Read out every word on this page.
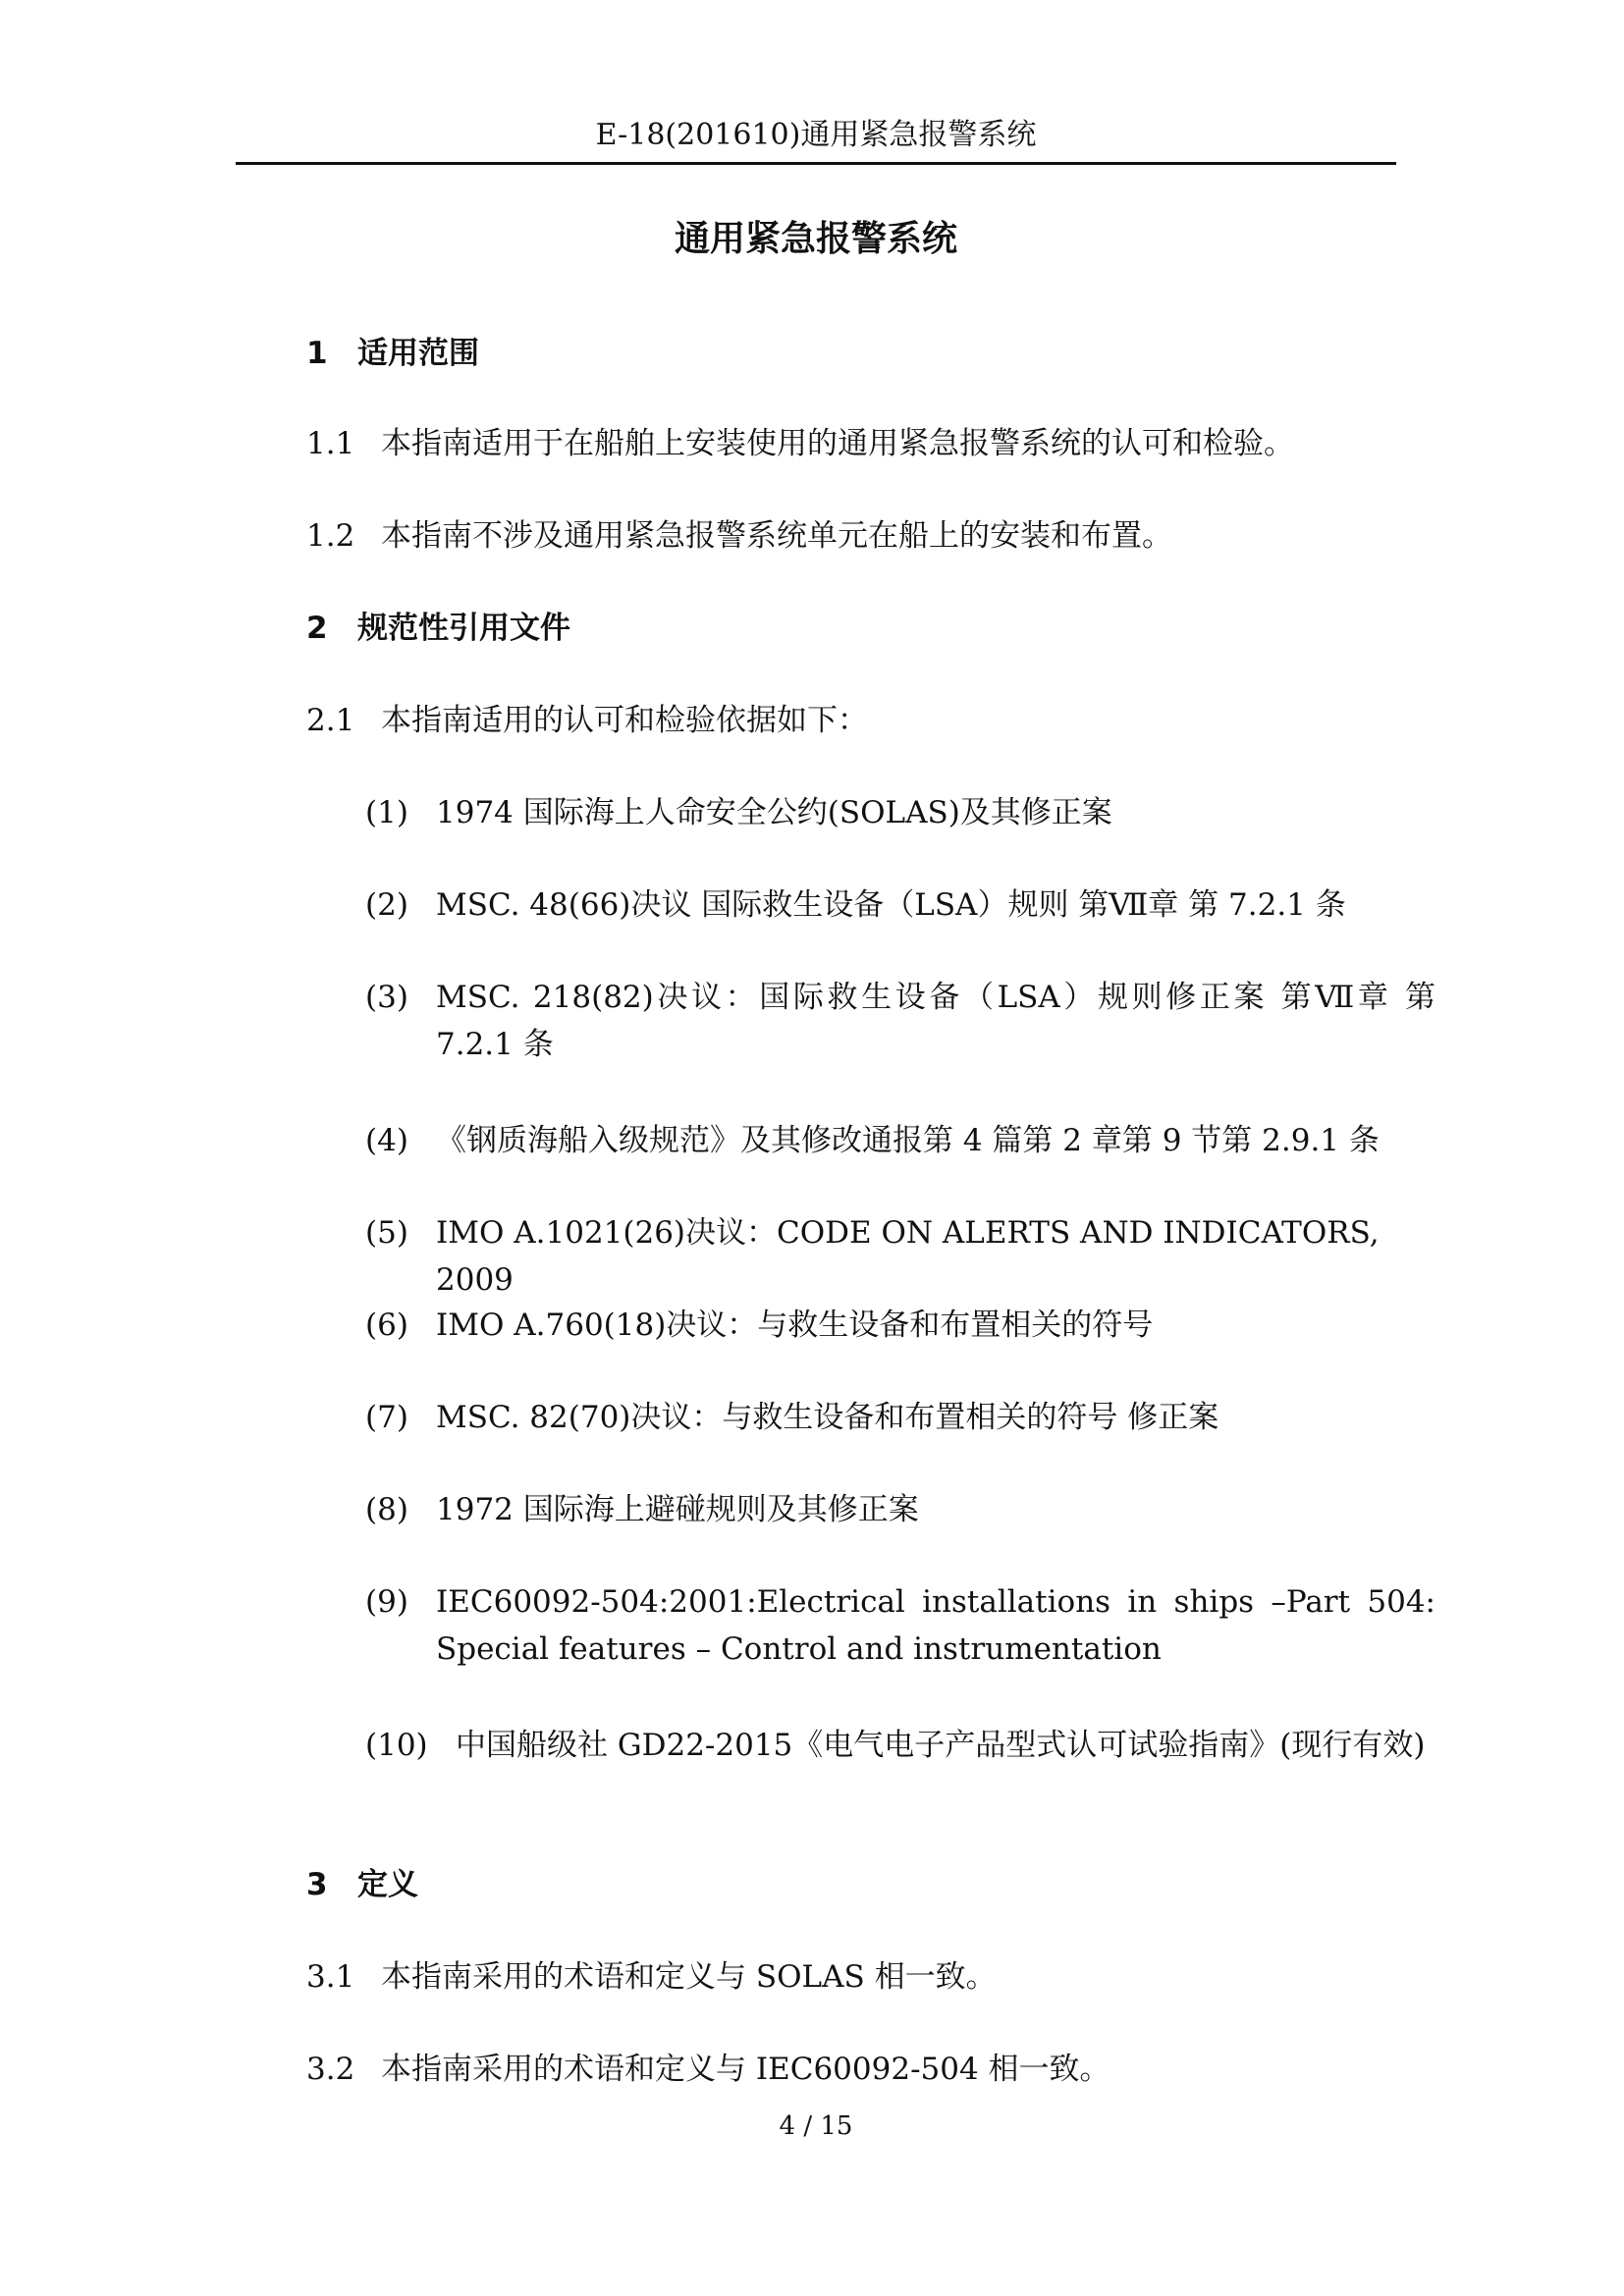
E-18(201610)通用紧急报警系统
通用紧急报警系统
1 适用范围
1.1 本指南适用于在船舶上安装使用的通用紧急报警系统的认可和检验。
1.2 本指南不涉及通用紧急报警系统单元在船上的安装和布置。
2 规范性引用文件
2.1 本指南适用的认可和检验依据如下：
(1) 1974 国际海上人命安全公约(SOLAS)及其修正案
(2) MSC. 48(66)决议 国际救生设备（LSA）规则 第Ⅶ章 第 7.2.1 条
(3) MSC. 218(82)决议：国际救生设备（LSA）规则修正案 第Ⅶ章 第 7.2.1 条
(4) 《钢质海船入级规范》及其修改通报第 4 篇第 2 章第 9 节第 2.9.1 条
(5) IMO A.1021(26)决议：CODE ON ALERTS AND INDICATORS, 2009
(6) IMO A.760(18)决议：与救生设备和布置相关的符号
(7) MSC. 82(70)决议：与救生设备和布置相关的符号 修正案
(8) 1972 国际海上避碰规则及其修正案
(9) IEC60092-504:2001:Electrical installations in ships –Part 504: Special features – Control and instrumentation
(10) 中国船级社 GD22-2015《电气电子产品型式认可试验指南》(现行有效)
3 定义
3.1 本指南采用的术语和定义与 SOLAS 相一致。
3.2 本指南采用的术语和定义与 IEC60092-504 相一致。
4 / 15
